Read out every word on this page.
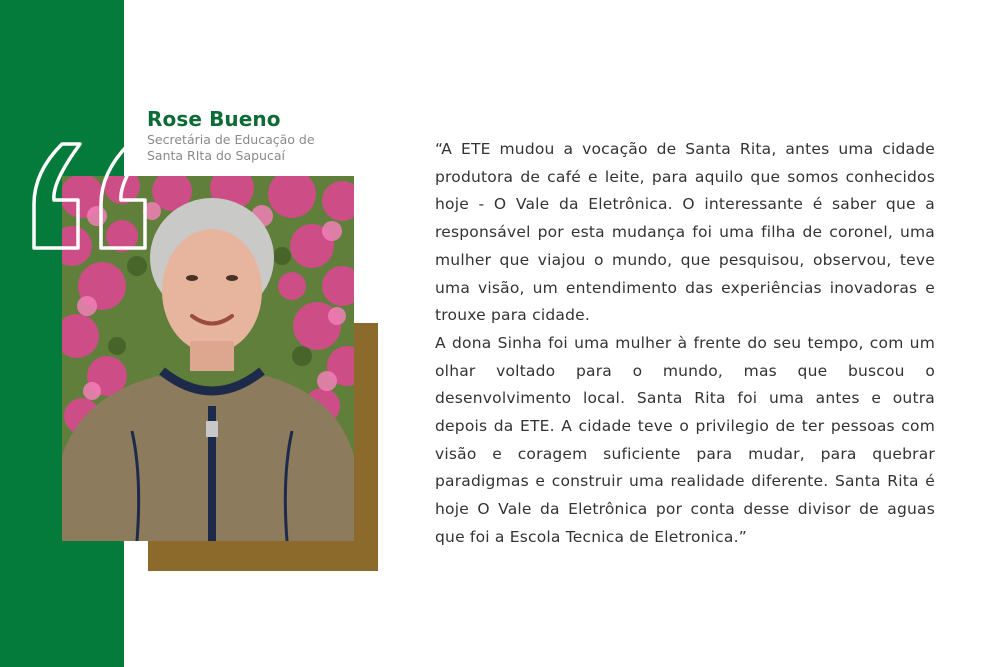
Rose Bueno
Secretária de Educação de
Santa RIta do Sapucaí	“A ETE mudou a vocação de Santa Rita, antes uma cidade produtora de café e leite, para aquilo que somos conhecidos hoje - O Vale da Eletrônica. O interessante é saber que a responsável por esta mudança foi uma filha de coronel, uma mulher que viajou o mundo, que pesquisou, observou, teve uma visão, um entendimento das experiências inovadoras e trouxe para cidade.

A dona Sinha foi uma mulher à frente do seu tempo, com um olhar voltado para o mundo, mas que buscou o desenvolvimento local. Santa Rita foi uma antes e outra depois da ETE. A cidade teve o privilegio de ter pessoas com visão e coragem suficiente para mudar, para quebrar paradigmas e construir uma realidade diferente. Santa Rita é hoje O Vale da Eletrônica por conta desse divisor de aguas que foi a Escola Tecnica de Eletronica.”
